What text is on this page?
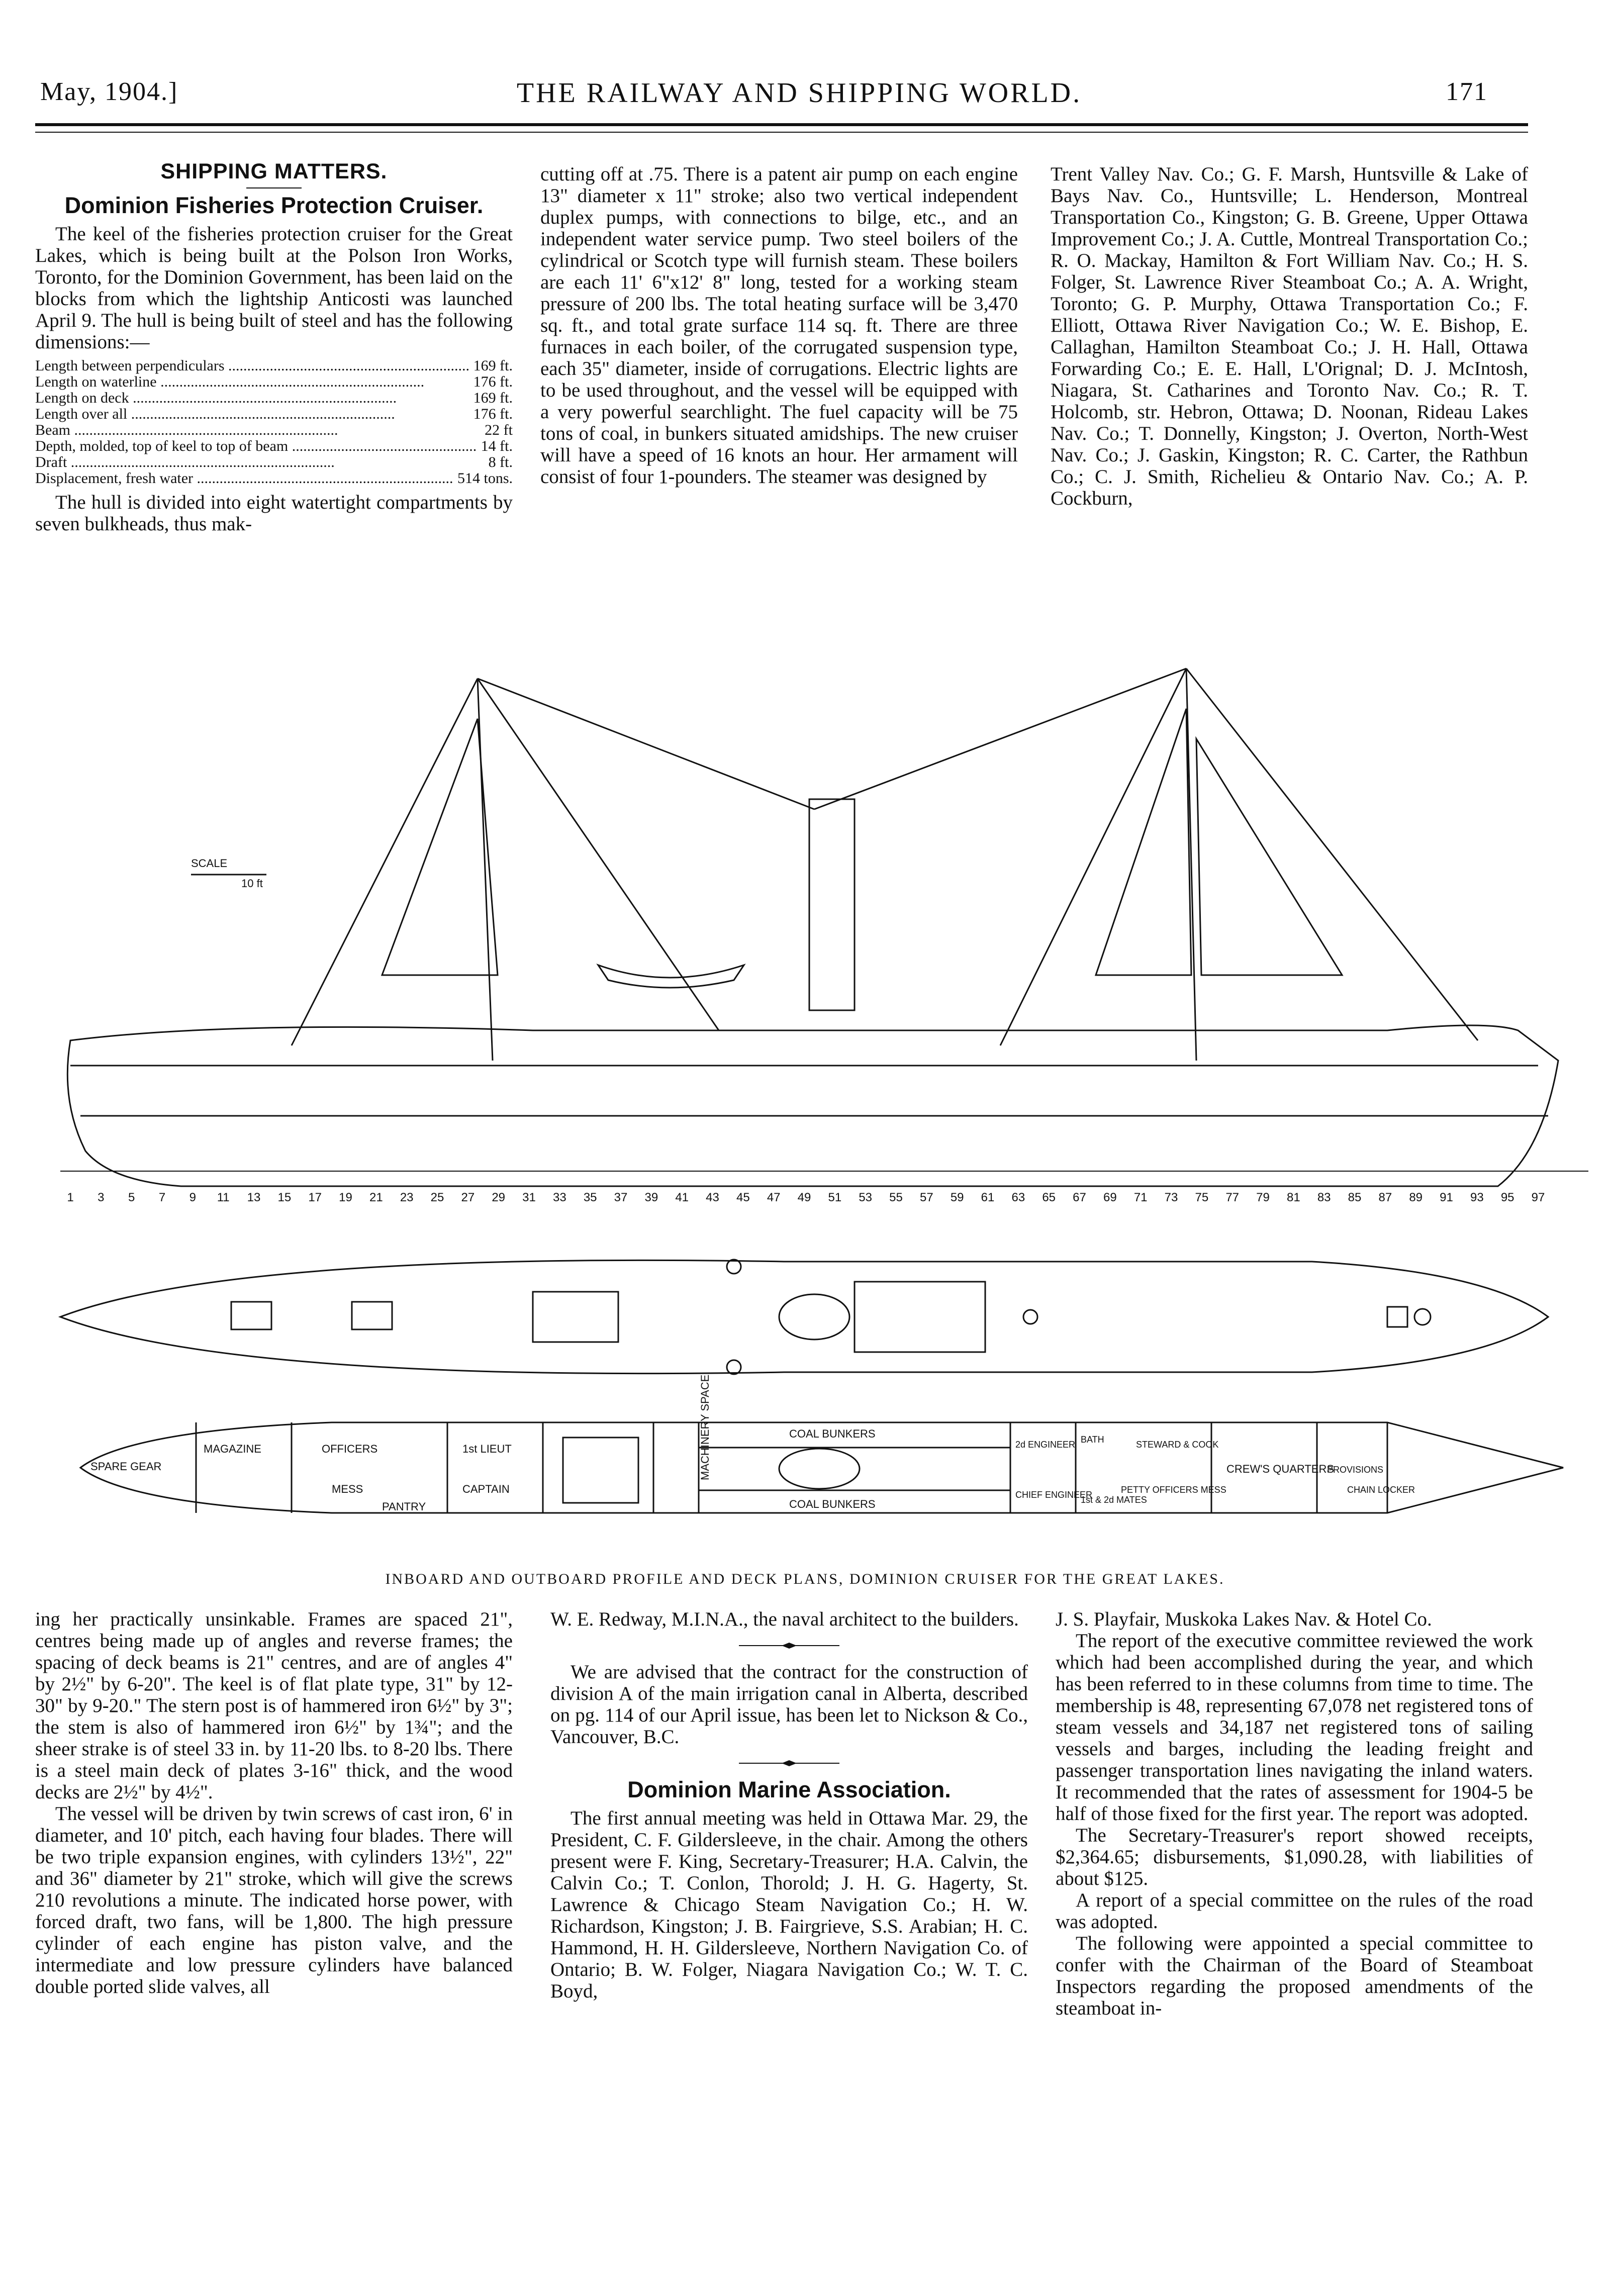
May, 1904.]	THE RAILWAY AND SHIPPING WORLD.	171
SHIPPING MATTERS.
Dominion Fisheries Protection Cruiser.

The keel of the fisheries protection cruiser for the Great Lakes, which is being built at the Polson Iron Works, Toronto, for the Dominion Government, has been laid on the blocks from which the lightship Anticosti was launched April 9. The hull is being built of steel and has the following dimensions:—

Length between perpendiculars .....	169 ft.
Length on waterline .....	176 ft.
Length on deck .....	169 ft.
Length over all .....	176 ft.
Beam .....	22 ft
Depth, molded, top of keel to top of beam .....	14 ft.
Draft .....	8 ft.
Displacement, fresh water .....	514 tons.

The hull is divided into eight watertight compartments by seven bulkheads, thus mak-

cutting off at .75. There is a patent air pump on each engine 13" diameter x 11" stroke; also two vertical independent duplex pumps, with connections to bilge, etc., and an independent water service pump. Two steel boilers of the cylindrical or Scotch type will furnish steam. These boilers are each 11' 6"x12' 8" long, tested for a working steam pressure of 200 lbs. The total heating surface will be 3,470 sq. ft., and total grate surface 114 sq. ft. There are three furnaces in each boiler, of the corrugated suspension type, each 35" diameter, inside of corrugations. Electric lights are to be used throughout, and the vessel will be equipped with a very powerful searchlight. The fuel capacity will be 75 tons of coal, in bunkers situated amidships. The new cruiser will have a speed of 16 knots an hour. Her armament will consist of four 1-pounders. The steamer was designed by

Trent Valley Nav. Co.; G. F. Marsh, Huntsville & Lake of Bays Nav. Co., Huntsville; L. Henderson, Montreal Transportation Co., Kingston; G. B. Greene, Upper Ottawa Improvement Co.; J. A. Cuttle, Montreal Transportation Co.; R. O. Mackay, Hamilton & Fort William Nav. Co.; H. S. Folger, St. Lawrence River Steamboat Co.; A. A. Wright, Toronto; G. P. Murphy, Ottawa Transportation Co.; F. Elliott, Ottawa River Navigation Co.; W. E. Bishop, E. Callaghan, Hamilton Steamboat Co.; J. H. Hall, Ottawa Forwarding Co.; E. E. Hall, L'Orignal; D. J. McIntosh, Niagara, St. Catharines and Toronto Nav. Co.; R. T. Holcomb, str. Hebron, Ottawa; D. Noonan, Rideau Lakes Nav. Co.; T. Donnelly, Kingston; J. Overton, North-West Nav. Co.; J. Gaskin, Kingston; R. C. Carter, the Rathbun Co.; C. J. Smith, Richelieu & Ontario Nav. Co.; A. P. Cockburn,

1 3 5 7 9 11 13 15 17 19 21 23 25 27 29 31 33 35 37 39 41 43 45 47 49 51 53 55 57 59 61 63 65 67 69 71 73 75 77 79 81 83 85 87 89 91 93 95 97
SCALE
10 ft
SPARE GEAR
MAGAZINE	OFFICERS
MESS
PANTRY
1st LIEUT
CAPTAIN
MACHINERY SPACE	COAL BUNKERS
COAL BUNKERS
2d ENGINEER
CHIEF ENGINEER
BATH
1st & 2d MATES
PETTY OFFICERS MESS
STEWARD & COOK
CREW'S QUARTERS
PROVISIONS
CHAIN LOCKER
INBOARD AND OUTBOARD PROFILE AND DECK PLANS, DOMINION CRUISER FOR THE GREAT LAKES.

ing her practically unsinkable. Frames are spaced 21", centres being made up of angles and reverse frames; the spacing of deck beams is 21" centres, and are of angles 4" by 2½" by 6-20". The keel is of flat plate type, 31" by 12-30" by 9-20." The stern post is of hammered iron 6½" by 3"; the stem is also of hammered iron 6½" by 1¾"; and the sheer strake is of steel 33 in. by 11-20 lbs. to 8-20 lbs. There is a steel main deck of plates 3-16" thick, and the wood decks are 2½" by 4½".

The vessel will be driven by twin screws of cast iron, 6' in diameter, and 10' pitch, each having four blades. There will be two triple expansion engines, with cylinders 13½", 22" and 36" diameter by 21" stroke, which will give the screws 210 revolutions a minute. The indicated horse power, with forced draft, two fans, will be 1,800. The high pressure cylinder of each engine has piston valve, and the intermediate and low pressure cylinders have balanced double ported slide valves, all

W. E. Redway, M.I.N.A., the naval architect to the builders.

We are advised that the contract for the construction of division A of the main irrigation canal in Alberta, described on pg. 114 of our April issue, has been let to Nickson & Co., Vancouver, B.C.

Dominion Marine Association.

The first annual meeting was held in Ottawa Mar. 29, the President, C. F. Gildersleeve, in the chair. Among the others present were F. King, Secretary-Treasurer; H.A. Calvin, the Calvin Co.; T. Conlon, Thorold; J. H. G. Hagerty, St. Lawrence & Chicago Steam Navigation Co.; H. W. Richardson, Kingston; J. B. Fairgrieve, S.S. Arabian; H. C. Hammond, H. H. Gildersleeve, Northern Navigation Co. of Ontario; B. W. Folger, Niagara Navigation Co.; W. T. C. Boyd,

J. S. Playfair, Muskoka Lakes Nav. & Hotel Co.

The report of the executive committee reviewed the work which had been accomplished during the year, and which has been referred to in these columns from time to time. The membership is 48, representing 67,078 net registered tons of steam vessels and 34,187 net registered tons of sailing vessels and barges, including the leading freight and passenger transportation lines navigating the inland waters. It recommended that the rates of assessment for 1904-5 be half of those fixed for the first year. The report was adopted.

The Secretary-Treasurer's report showed receipts, $2,364.65; disbursements, $1,090.28, with liabilities of about $125.

A report of a special committee on the rules of the road was adopted.

The following were appointed a special committee to confer with the Chairman of the Board of Steamboat Inspectors regarding the proposed amendments of the steamboat in-
